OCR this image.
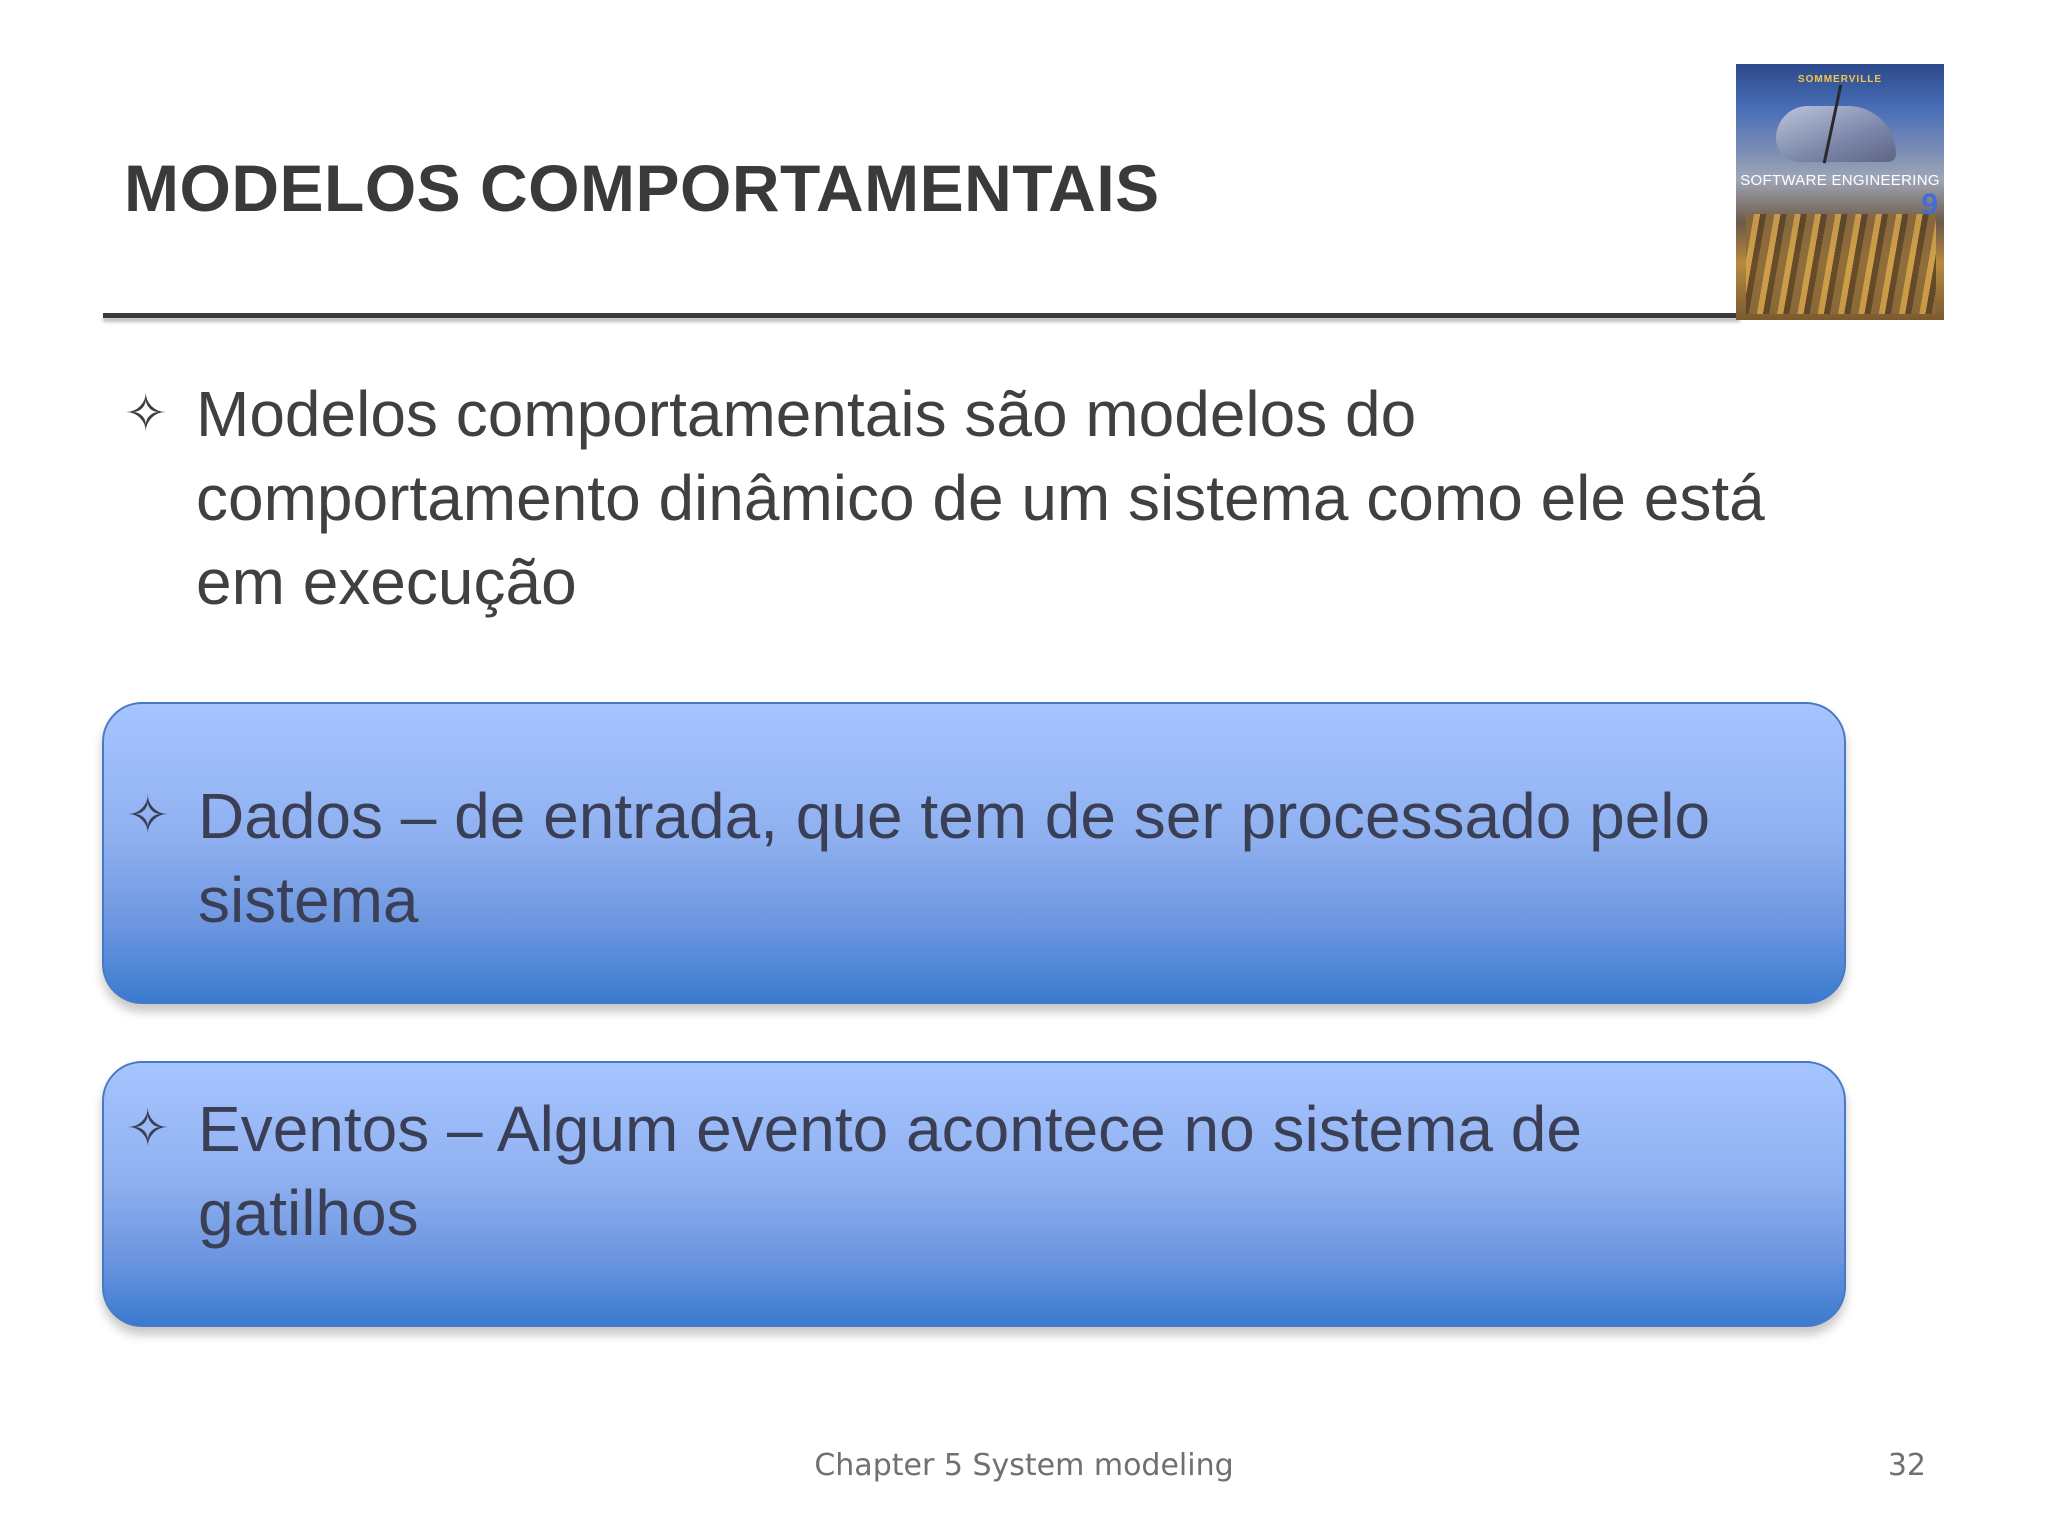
MODELOS COMPORTAMENTAIS
SOMMERVILLE
SOFTWARE ENGINEERING
9
✧ Modelos comportamentais são modelos do
comportamento dinâmico de um sistema como ele está
em execução
✧ Dados – de entrada, que tem de ser processado pelo
sistema
✧ Eventos – Algum evento acontece no sistema de
gatilhos
Chapter 5 System modeling	32
